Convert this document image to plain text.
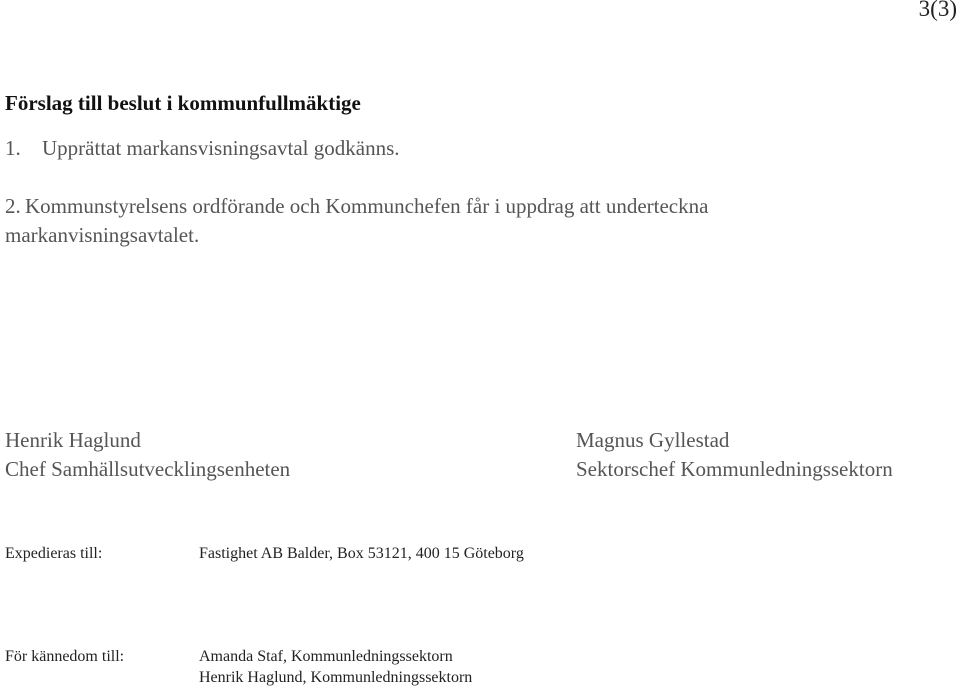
3(3)
Förslag till beslut i kommunfullmäktige
1. Upprättat markansvisningsavtal godkänns.
2. Kommunstyrelsens ordförande och Kommunchefen får i uppdrag att underteckna
markanvisningsavtalet.
Henrik Haglund
Chef Samhällsutvecklingsenheten
Magnus Gyllestad
Sektorschef Kommunledningssektorn
Expedieras till:	Fastighet AB Balder, Box 53121, 400 15 Göteborg
För kännedom till:	Amanda Staf, Kommunledningssektorn
Henrik Haglund, Kommunledningssektorn
